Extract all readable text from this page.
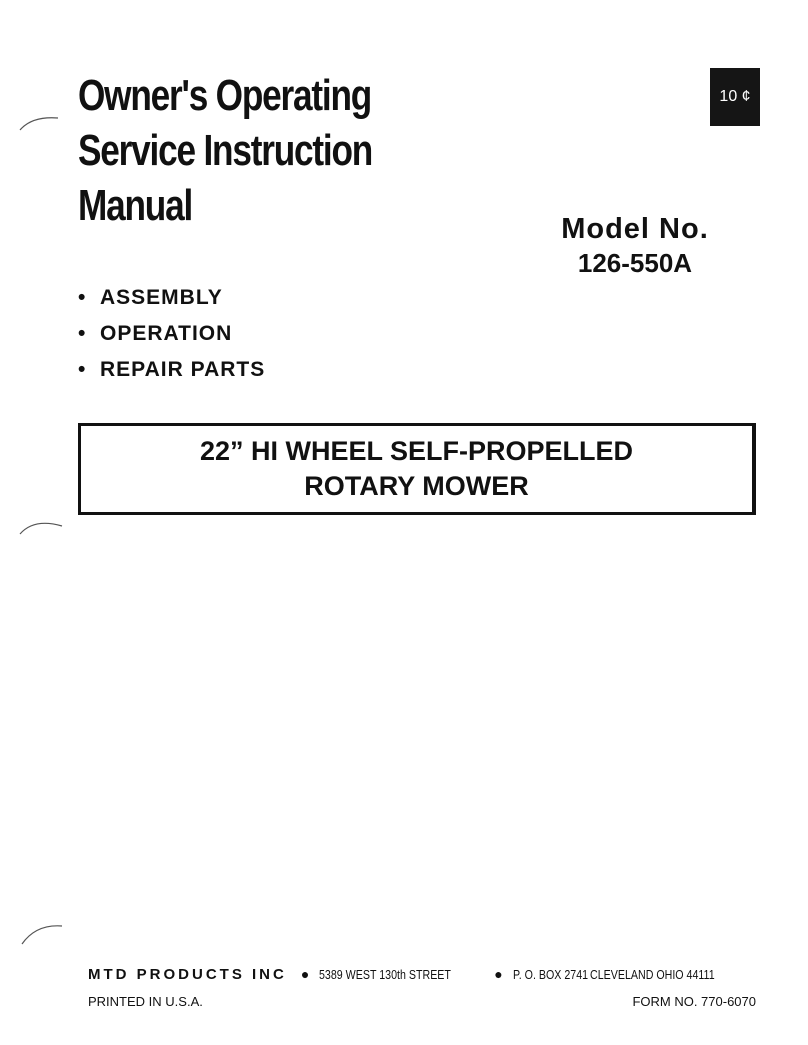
Owner's Operating
Service Instruction
Manual
10 ¢
Model No.
126-550A
• ASSEMBLY
• OPERATION
• REPAIR PARTS
22” HI WHEEL SELF-PROPELLED
ROTARY MOWER
MTD PRODUCTS INC ● 5389 WEST 130th STREET	● P. O. BOX 2741 CLEVELAND OHIO 44111
PRINTED IN U.S.A.	FORM NO. 770-6070
